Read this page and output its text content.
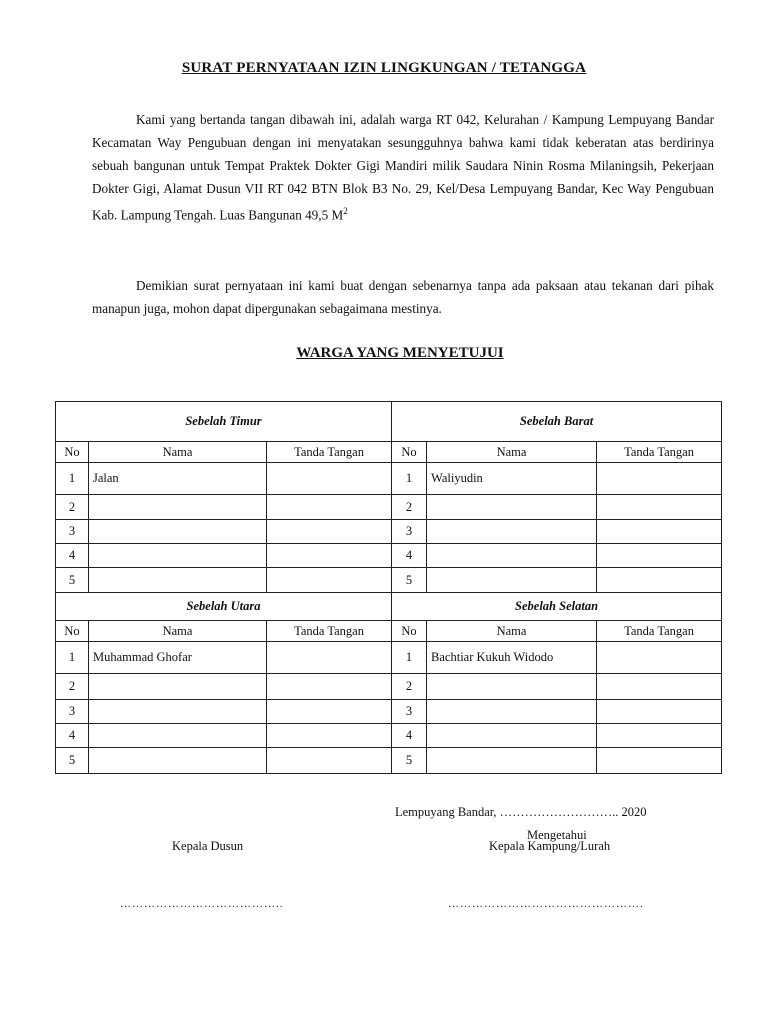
SURAT PERNYATAAN IZIN LINGKUNGAN / TETANGGA

Kami yang bertanda tangan dibawah ini, adalah warga RT 042, Kelurahan / Kampung Lempuyang Bandar Kecamatan Way Pengubuan dengan ini menyatakan sesungguhnya bahwa kami tidak keberatan atas berdirinya sebuah bangunan untuk Tempat Praktek Dokter Gigi Mandiri milik Saudara Ninin Rosma Milaningsih, Pekerjaan Dokter Gigi, Alamat Dusun VII RT 042 BTN Blok B3 No. 29, Kel/Desa Lempuyang Bandar, Kec Way Pengubuan Kab. Lampung Tengah. Luas Bangunan 49,5 $M^2$

Demikian surat pernyataan ini kami buat dengan sebenarnya tanpa ada paksaan atau tekanan dari pihak manapun juga, mohon dapat dipergunakan sebagaimana mestinya.

WARGA YANG MENYETUJUI
Sebelah Timur			Sebelah Barat		
No	Nama	Tanda Tangan	No	Nama	Tanda Tangan
1	Jalan		1	Waliyudin	
2			2		
3			3		
4			4		
5			5		
Sebelah Utara			Sebelah Selatan		
No	Nama	Tanda Tangan	No	Nama	Tanda Tangan
1	Muhammad Ghofar		1	Bachtiar Kukuh Widodo	
2			2		
3			3		
4			4		
5			5		
Lempuyang Bandar, ……………………….. 2020
Mengetahui
Kepala Dusun	Kepala Kampung/Lurah
…………………………………..	………………………………………….
